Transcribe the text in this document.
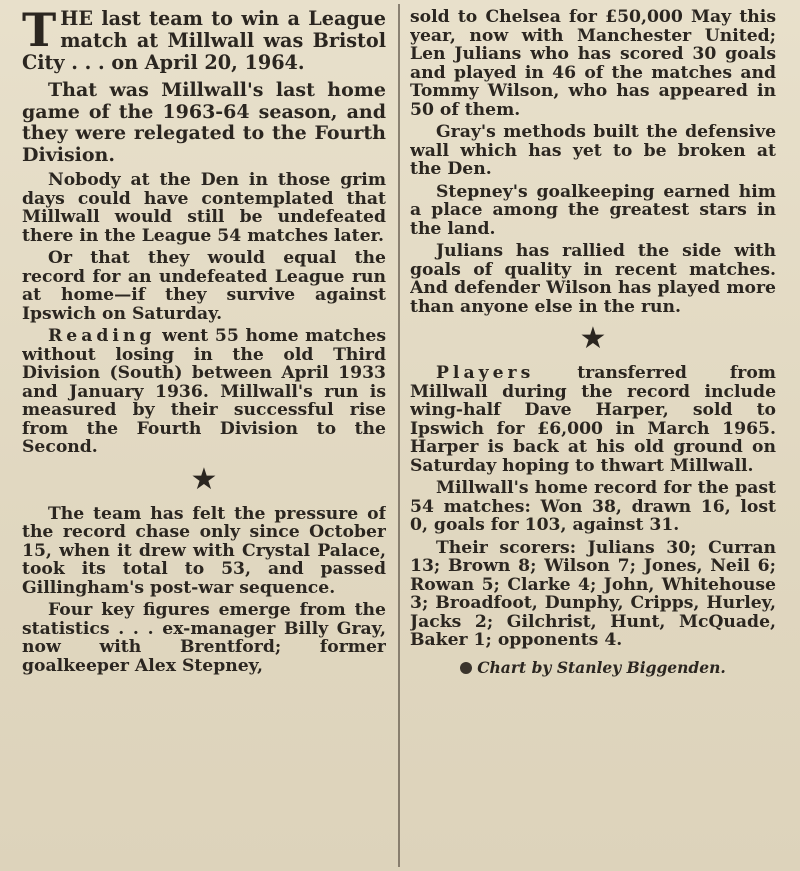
THE last team to win a League match at Millwall was Bristol City . . . on April 20, 1964.

That was Millwall's last home game of the 1963-64 season, and they were relegated to the Fourth Division.

Nobody at the Den in those grim days could have contemplated that Millwall would still be undefeated there in the League 54 matches later.

Or that they would equal the record for an undefeated League run at home—if they survive against Ipswich on Saturday.

Reading went 55 home matches without losing in the old Third Division (South) between April 1933 and January 1936. Millwall's run is measured by their successful rise from the Fourth Division to the Second.

★

The team has felt the pressure of the record chase only since October 15, when it drew with Crystal Palace, took its total to 53, and passed Gillingham's post-war sequence.

Four key figures emerge from the statistics . . . ex-manager Billy Gray, now with Brentford; former goalkeeper Alex Stepney,

sold to Chelsea for £50,000 May this year, now with Manchester United; Len Julians who has scored 30 goals and played in 46 of the matches and Tommy Wilson, who has appeared in 50 of them.

Gray's methods built the defensive wall which has yet to be broken at the Den.

Stepney's goalkeeping earned him a place among the greatest stars in the land.

Julians has rallied the side with goals of quality in recent matches. And defender Wilson has played more than anyone else in the run.

★

Players transferred from Millwall during the record include wing-half Dave Harper, sold to Ipswich for £6,000 in March 1965. Harper is back at his old ground on Saturday hoping to thwart Millwall.

Millwall's home record for the past 54 matches: Won 38, drawn 16, lost 0, goals for 103, against 31.

Their scorers: Julians 30; Curran 13; Brown 8; Wilson 7; Jones, Neil 6; Rowan 5; Clarke 4; John, Whitehouse 3; Broadfoot, Dunphy, Cripps, Hurley, Jacks 2; Gilchrist, Hunt, McQuade, Baker 1; opponents 4.

Chart by Stanley Biggenden.
